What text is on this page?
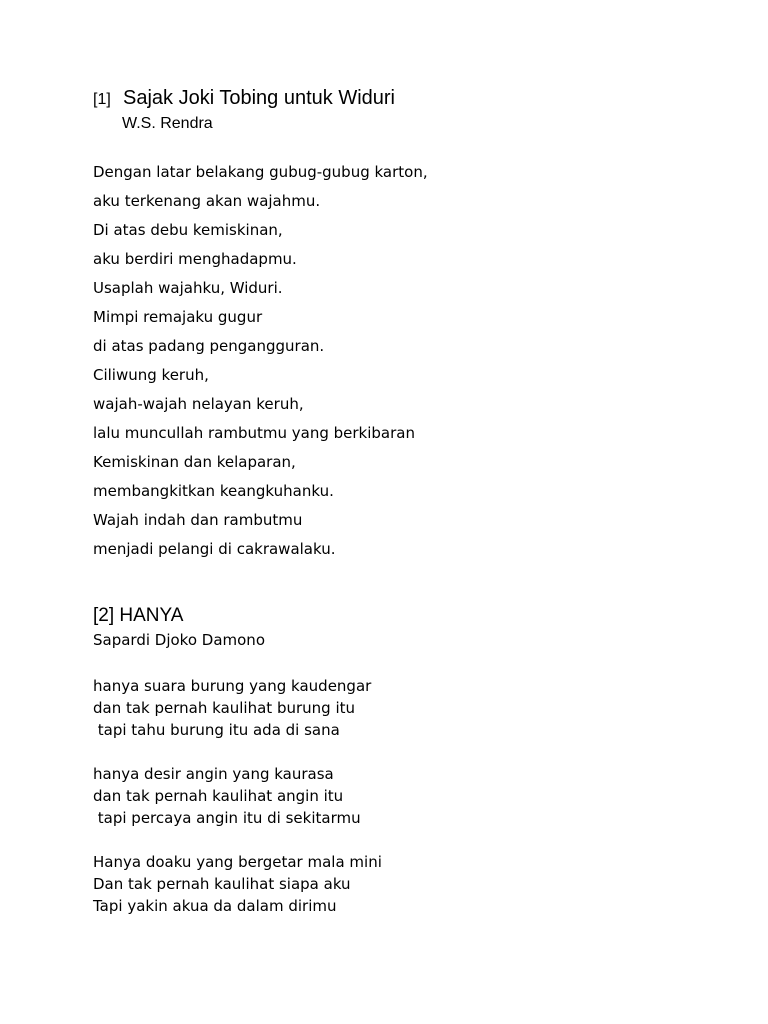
[1] Sajak Joki Tobing untuk Widuri
W.S. Rendra
Dengan latar belakang gubug-gubug karton,
aku terkenang akan wajahmu.
Di atas debu kemiskinan,
aku berdiri menghadapmu.
Usaplah wajahku, Widuri.
Mimpi remajaku gugur
di atas padang pengangguran.
Ciliwung keruh,
wajah-wajah nelayan keruh,
lalu muncullah rambutmu yang berkibaran
Kemiskinan dan kelaparan,
membangkitkan keangkuhanku.
Wajah indah dan rambutmu
menjadi pelangi di cakrawalaku.
[2] HANYA
Sapardi Djoko Damono
hanya suara burung yang kaudengar
dan tak pernah kaulihat burung itu
tapi tahu burung itu ada di sana
hanya desir angin yang kaurasa
dan tak pernah kaulihat angin itu
tapi percaya angin itu di sekitarmu
Hanya doaku yang bergetar mala mini
Dan tak pernah kaulihat siapa aku
Tapi yakin akua da dalam dirimu
